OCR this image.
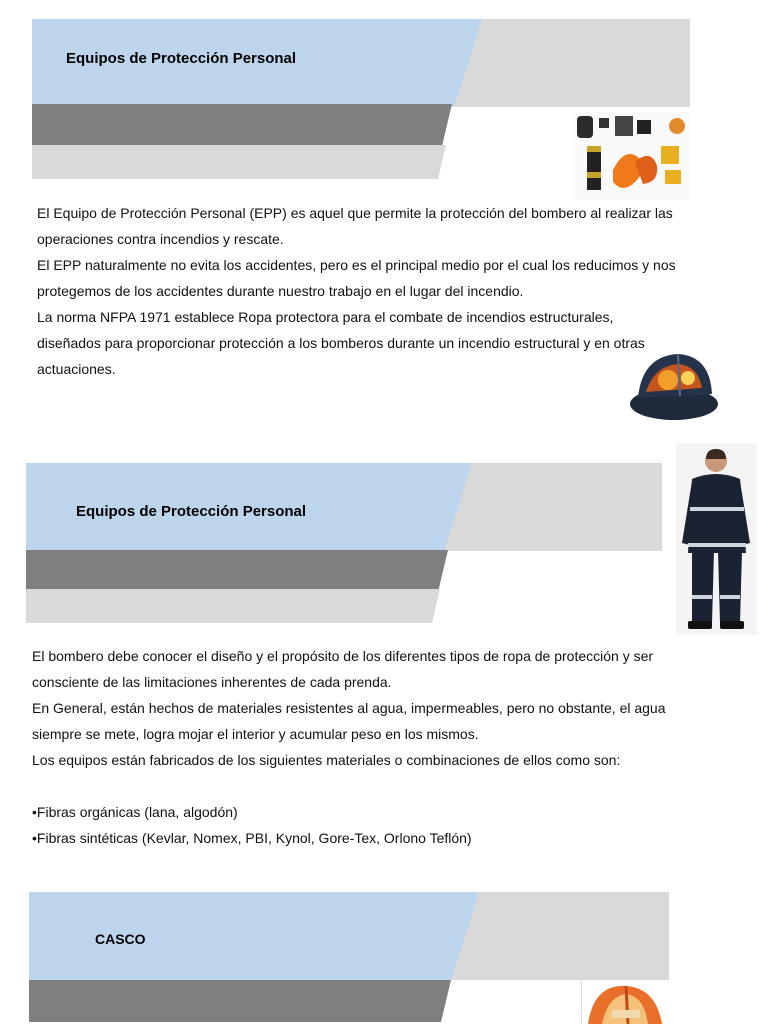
Equipos de Protección Personal

El Equipo de Protección Personal (EPP) es aquel que permite la protección del bombero al realizar las operaciones contra incendios y rescate.

El EPP naturalmente no evita los accidentes, pero es el principal medio por el cual los reducimos y nos protegemos de los accidentes durante nuestro trabajo en el lugar del incendio.

La norma NFPA 1971 establece Ropa protectora para el combate de incendios estructurales, diseñados para proporcionar protección a los bomberos durante un incendio estructural y en otras actuaciones.

Equipos de Protección Personal

El bombero debe conocer el diseño y el propósito de los diferentes tipos de ropa de protección y ser consciente de las limitaciones inherentes de cada prenda.

En General, están hechos de materiales resistentes al agua, impermeables, pero no obstante, el agua siempre se mete, logra mojar el interior y acumular peso en los mismos.

Los equipos están fabricados de los siguientes materiales o combinaciones de ellos como son:

•Fibras orgánicas (lana, algodón)

•Fibras sintéticas (Kevlar, Nomex, PBI, Kynol, Gore-Tex, Orlono Teflón)

CASCO
